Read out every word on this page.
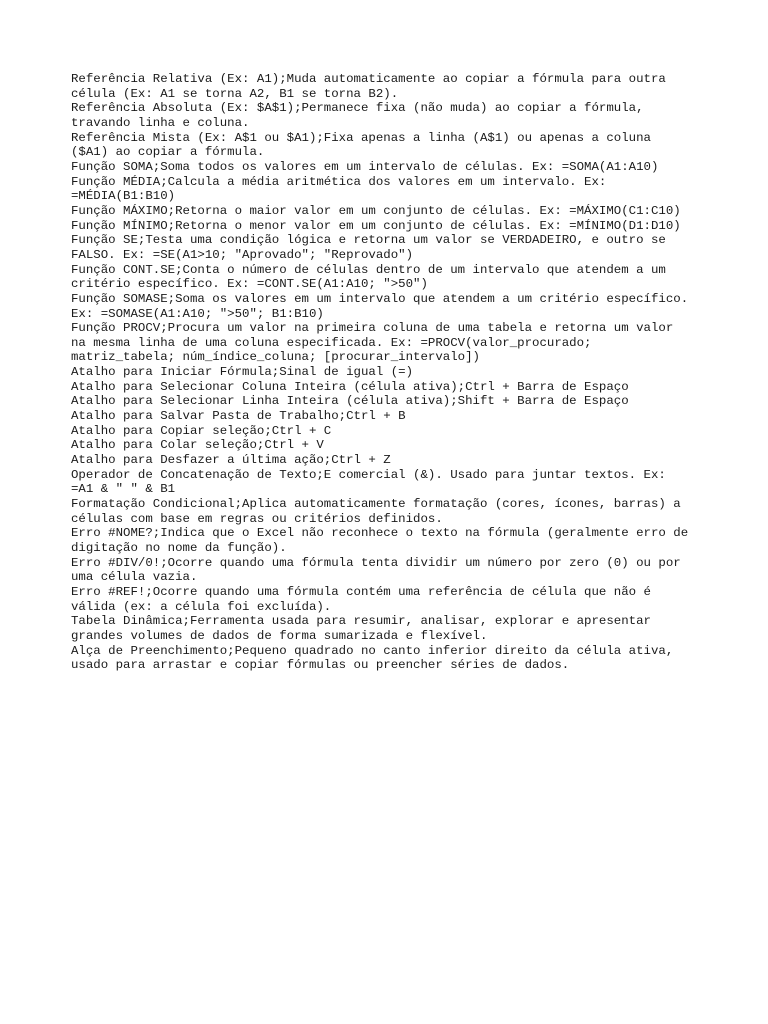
Referência Relativa (Ex: A1);Muda automaticamente ao copiar a fórmula para outra
célula (Ex: A1 se torna A2, B1 se torna B2).

Referência Absoluta (Ex: $A$1);Permanece fixa (não muda) ao copiar a fórmula,
travando linha e coluna.

Referência Mista (Ex: A$1 ou $A1);Fixa apenas a linha (A$1) ou apenas a coluna
($A1) ao copiar a fórmula.

Função SOMA;Soma todos os valores em um intervalo de células. Ex: =SOMA(A1:A10)

Função MÉDIA;Calcula a média aritmética dos valores em um intervalo. Ex:
=MÉDIA(B1:B10)

Função MÁXIMO;Retorna o maior valor em um conjunto de células. Ex: =MÁXIMO(C1:C10)

Função MÍNIMO;Retorna o menor valor em um conjunto de células. Ex: =MÍNIMO(D1:D10)

Função SE;Testa uma condição lógica e retorna um valor se VERDADEIRO, e outro se
FALSO. Ex: =SE(A1>10; "Aprovado"; "Reprovado")

Função CONT.SE;Conta o número de células dentro de um intervalo que atendem a um
critério específico. Ex: =CONT.SE(A1:A10; ">50")

Função SOMASE;Soma os valores em um intervalo que atendem a um critério específico.
Ex: =SOMASE(A1:A10; ">50"; B1:B10)

Função PROCV;Procura um valor na primeira coluna de uma tabela e retorna um valor
na mesma linha de uma coluna especificada. Ex: =PROCV(valor_procurado;
matriz_tabela; núm_índice_coluna; [procurar_intervalo])

Atalho para Iniciar Fórmula;Sinal de igual (=)

Atalho para Selecionar Coluna Inteira (célula ativa);Ctrl + Barra de Espaço

Atalho para Selecionar Linha Inteira (célula ativa);Shift + Barra de Espaço

Atalho para Salvar Pasta de Trabalho;Ctrl + B

Atalho para Copiar seleção;Ctrl + C

Atalho para Colar seleção;Ctrl + V

Atalho para Desfazer a última ação;Ctrl + Z

Operador de Concatenação de Texto;E comercial (&). Usado para juntar textos. Ex:
=A1 & " " & B1

Formatação Condicional;Aplica automaticamente formatação (cores, ícones, barras) a
células com base em regras ou critérios definidos.

Erro #NOME?;Indica que o Excel não reconhece o texto na fórmula (geralmente erro de
digitação no nome da função).

Erro #DIV/0!;Ocorre quando uma fórmula tenta dividir um número por zero (0) ou por
uma célula vazia.

Erro #REF!;Ocorre quando uma fórmula contém uma referência de célula que não é
válida (ex: a célula foi excluída).

Tabela Dinâmica;Ferramenta usada para resumir, analisar, explorar e apresentar
grandes volumes de dados de forma sumarizada e flexível.

Alça de Preenchimento;Pequeno quadrado no canto inferior direito da célula ativa,
usado para arrastar e copiar fórmulas ou preencher séries de dados.
